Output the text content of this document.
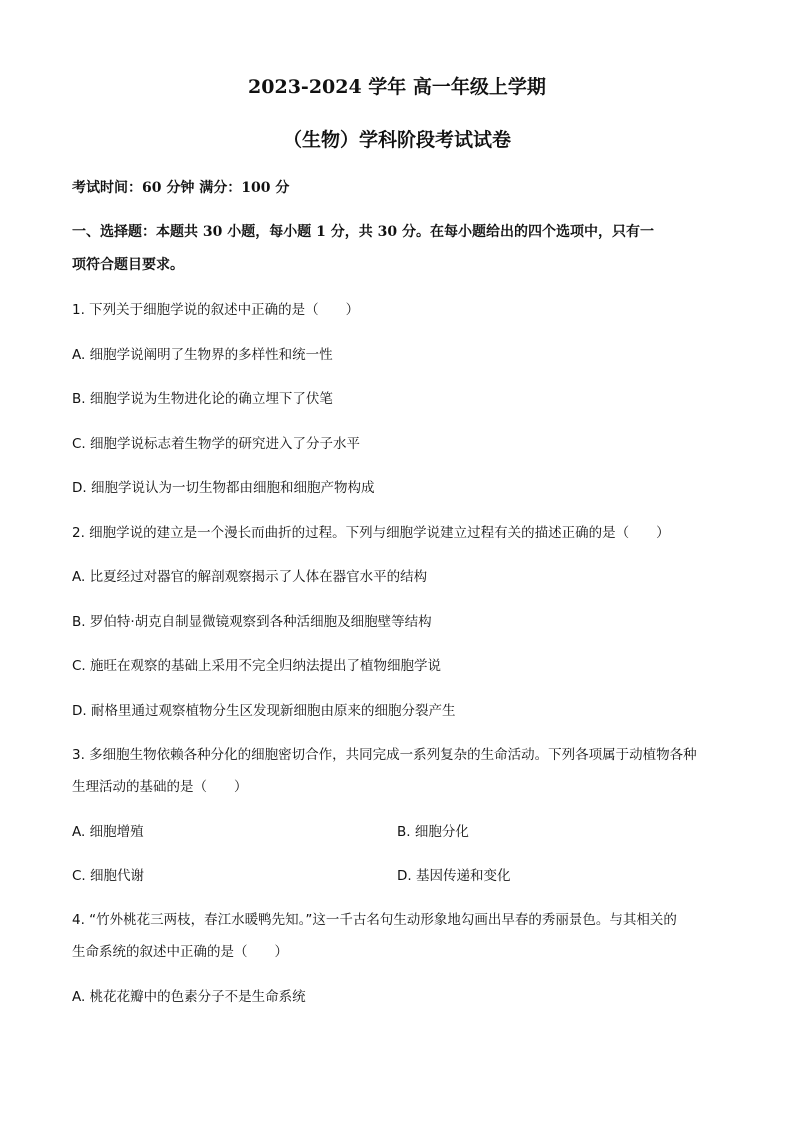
2023-2024 学年 高一年级上学期
（生物）学科阶段考试试卷
考试时间：60 分钟 满分：100 分
一、选择题：本题共 30 小题，每小题 1 分，共 30 分。在每小题给出的四个选项中，只有一
项符合题目要求。
1. 下列关于细胞学说的叙述中正确的是（　　）
A. 细胞学说阐明了生物界的多样性和统一性
B. 细胞学说为生物进化论的确立埋下了伏笔
C. 细胞学说标志着生物学的研究进入了分子水平
D. 细胞学说认为一切生物都由细胞和细胞产物构成
2. 细胞学说的建立是一个漫长而曲折的过程。下列与细胞学说建立过程有关的描述正确的是（　　）
A. 比夏经过对器官的解剖观察揭示了人体在器官水平的结构
B. 罗伯特·胡克自制显微镜观察到各种活细胞及细胞壁等结构
C. 施旺在观察的基础上采用不完全归纳法提出了植物细胞学说
D. 耐格里通过观察植物分生区发现新细胞由原来的细胞分裂产生
3. 多细胞生物依赖各种分化的细胞密切合作，共同完成一系列复杂的生命活动。下列各项属于动植物各种
生理活动的基础的是（　　）
A. 细胞增殖	B. 细胞分化
C. 细胞代谢	D. 基因传递和变化
4. “竹外桃花三两枝，春江水暖鸭先知。”这一千古名句生动形象地勾画出早春的秀丽景色。与其相关的
生命系统的叙述中正确的是（　　）
A. 桃花花瓣中的色素分子不是生命系统
